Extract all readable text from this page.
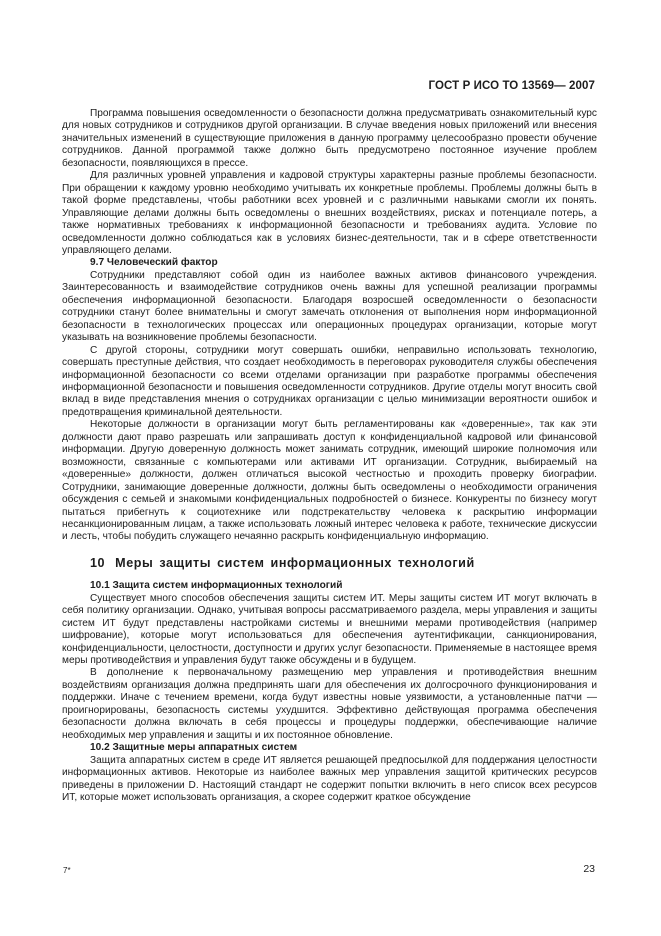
ГОСТ Р ИСО ТО 13569— 2007

Программа повышения осведомленности о безопасности должна предусматривать ознакомительный курс для новых сотрудников и сотрудников другой организации. В случае введения новых приложений или внесения значительных изменений в существующие приложения в данную программу целесообразно провести обучение сотрудников. Данной программой также должно быть предусмотрено постоянное изучение проблем безопасности, появляющихся в прессе.

Для различных уровней управления и кадровой структуры характерны разные проблемы безопасности. При обращении к каждому уровню необходимо учитывать их конкретные проблемы. Проблемы должны быть в такой форме представлены, чтобы работники всех уровней и с различными навыками смогли их понять. Управляющие делами должны быть осведомлены о внешних воздействиях, рисках и потенциале потерь, а также нормативных требованиях к информационной безопасности и требованиях аудита. Условие по осведомленности должно соблюдаться как в условиях бизнес-деятельности, так и в сфере ответственности управляющего делами.

9.7 Человеческий фактор

Сотрудники представляют собой один из наиболее важных активов финансового учреждения. Заинтересованность и взаимодействие сотрудников очень важны для успешной реализации программы обеспечения информационной безопасности. Благодаря возросшей осведомленности о безопасности сотрудники станут более внимательны и смогут замечать отклонения от выполнения норм информационной безопасности в технологических процессах или операционных процедурах организации, которые могут указывать на возникновение проблемы безопасности.

С другой стороны, сотрудники могут совершать ошибки, неправильно использовать технологию, совершать преступные действия, что создает необходимость в переговорах руководителя службы обеспечения информационной безопасности со всеми отделами организации при разработке программы обеспечения информационной безопасности и повышения осведомленности сотрудников. Другие отделы могут вносить свой вклад в виде представления мнения о сотрудниках организации с целью минимизации вероятности ошибок и предотвращения криминальной деятельности.

Некоторые должности в организации могут быть регламентированы как «доверенные», так как эти должности дают право разрешать или запрашивать доступ к конфиденциальной кадровой или финансовой информации. Другую доверенную должность может занимать сотрудник, имеющий широкие полномочия или возможности, связанные с компьютерами или активами ИТ организации. Сотрудник, выбираемый на «доверенные» должности, должен отличаться высокой честностью и проходить проверку биографии. Сотрудники, занимающие доверенные должности, должны быть осведомлены о необходимости ограничения обсуждения с семьей и знакомыми конфиденциальных подробностей о бизнесе. Конкуренты по бизнесу могут пытаться прибегнуть к социотехнике или подстрекательству человека к раскрытию информации несанкционированным лицам, а также использовать ложный интерес человека к работе, технические дискуссии и лесть, чтобы побудить служащего нечаянно раскрыть конфиденциальную информацию.

10 Меры защиты систем информационных технологий
10.1 Защита систем информационных технологий

Существует много способов обеспечения защиты систем ИТ. Меры защиты систем ИТ могут включать в себя политику организации. Однако, учитывая вопросы рассматриваемого раздела, меры управления и защиты систем ИТ будут представлены настройками системы и внешними мерами противодействия (например шифрование), которые могут использоваться для обеспечения аутентификации, санкционирования, конфиденциальности, целостности, доступности и других услуг безопасности. Применяемые в настоящее время меры противодействия и управления будут также обсуждены и в будущем.

В дополнение к первоначальному размещению мер управления и противодействия внешним воздействиям организация должна предпринять шаги для обеспечения их долгосрочного функционирования и поддержки. Иначе с течением времени, когда будут известны новые уязвимости, а установленные патчи — проигнорированы, безопасность системы ухудшится. Эффективно действующая программа обеспечения безопасности должна включать в себя процессы и процедуры поддержки, обеспечивающие наличие необходимых мер управления и защиты и их постоянное обновление.

10.2 Защитные меры аппаратных систем

Защита аппаратных систем в среде ИТ является решающей предпосылкой для поддержания целостности информационных активов. Некоторые из наиболее важных мер управления защитой критических ресурсов приведены в приложении D. Настоящий стандарт не содержит попытки включить в него список всех ресурсов ИТ, которые может использовать организация, а скорее содержит краткое обсуждение

7*	23
